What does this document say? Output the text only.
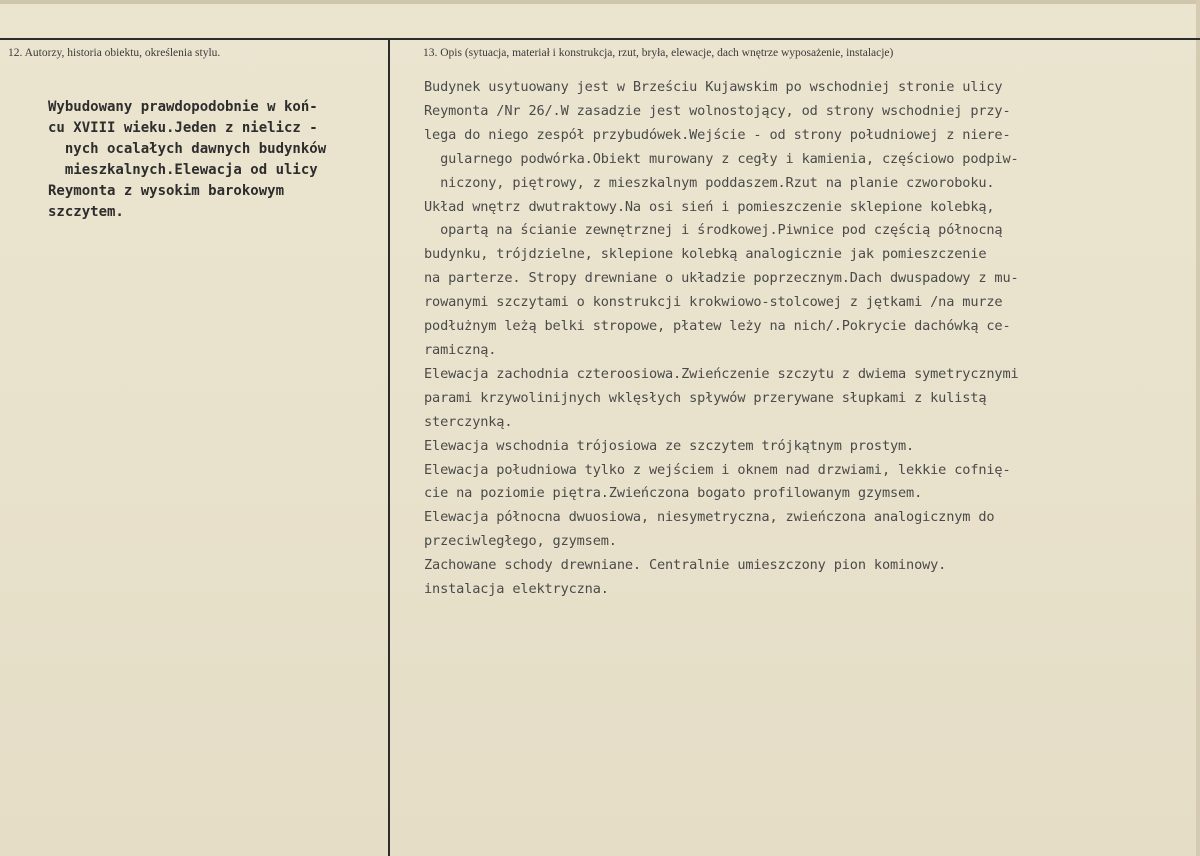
12. Autorzy, historia obiektu, określenia stylu.	13. Opis (sytuacja, materiał i konstrukcja, rzut, bryła, elewacje, dach wnętrze wyposażenie, instalacje)
Wybudowany prawdopodobnie w koń-
cu XVIII wieku.Jeden z nielicz -
nych ocalałych dawnych budynków
mieszkalnych.Elewacja od ulicy
Reymonta z wysokim barokowym
szczytem.
Budynek usytuowany jest w Brześciu Kujawskim po wschodniej stronie ulicy
Reymonta /Nr 26/.W zasadzie jest wolnostojący, od strony wschodniej przy-
lega do niego zespół przybudówek.Wejście - od strony południowej z niere-
gularnego podwórka.Obiekt murowany z cegły i kamienia, częściowo podpiw-
niczony, piętrowy, z mieszkalnym poddaszem.Rzut na planie czworoboku.
Układ wnętrz dwutraktowy.Na osi sień i pomieszczenie sklepione kolebką,
opartą na ścianie zewnętrznej i środkowej.Piwnice pod częścią północną
budynku, trójdzielne, sklepione kolebką analogicznie jak pomieszczenie
na parterze. Stropy drewniane o układzie poprzecznym.Dach dwuspadowy z mu-
rowanymi szczytami o konstrukcji krokwiowo-stolcowej z jętkami /na murze
podłużnym leżą belki stropowe, płatew leży na nich/.Pokrycie dachówką ce-
ramiczną.
Elewacja zachodnia czteroosiowa.Zwieńczenie szczytu z dwiema symetrycznymi
parami krzywolinijnych wklęsłych spływów przerywane słupkami z kulistą
sterczynką.
Elewacja wschodnia trójosiowa ze szczytem trójkątnym prostym.
Elewacja południowa tylko z wejściem i oknem nad drzwiami, lekkie cofnię-
cie na poziomie piętra.Zwieńczona bogato profilowanym gzymsem.
Elewacja północna dwuosiowa, niesymetryczna, zwieńczona analogicznym do
przeciwległego, gzymsem.
Zachowane schody drewniane. Centralnie umieszczony pion kominowy.
instalacja elektryczna.
